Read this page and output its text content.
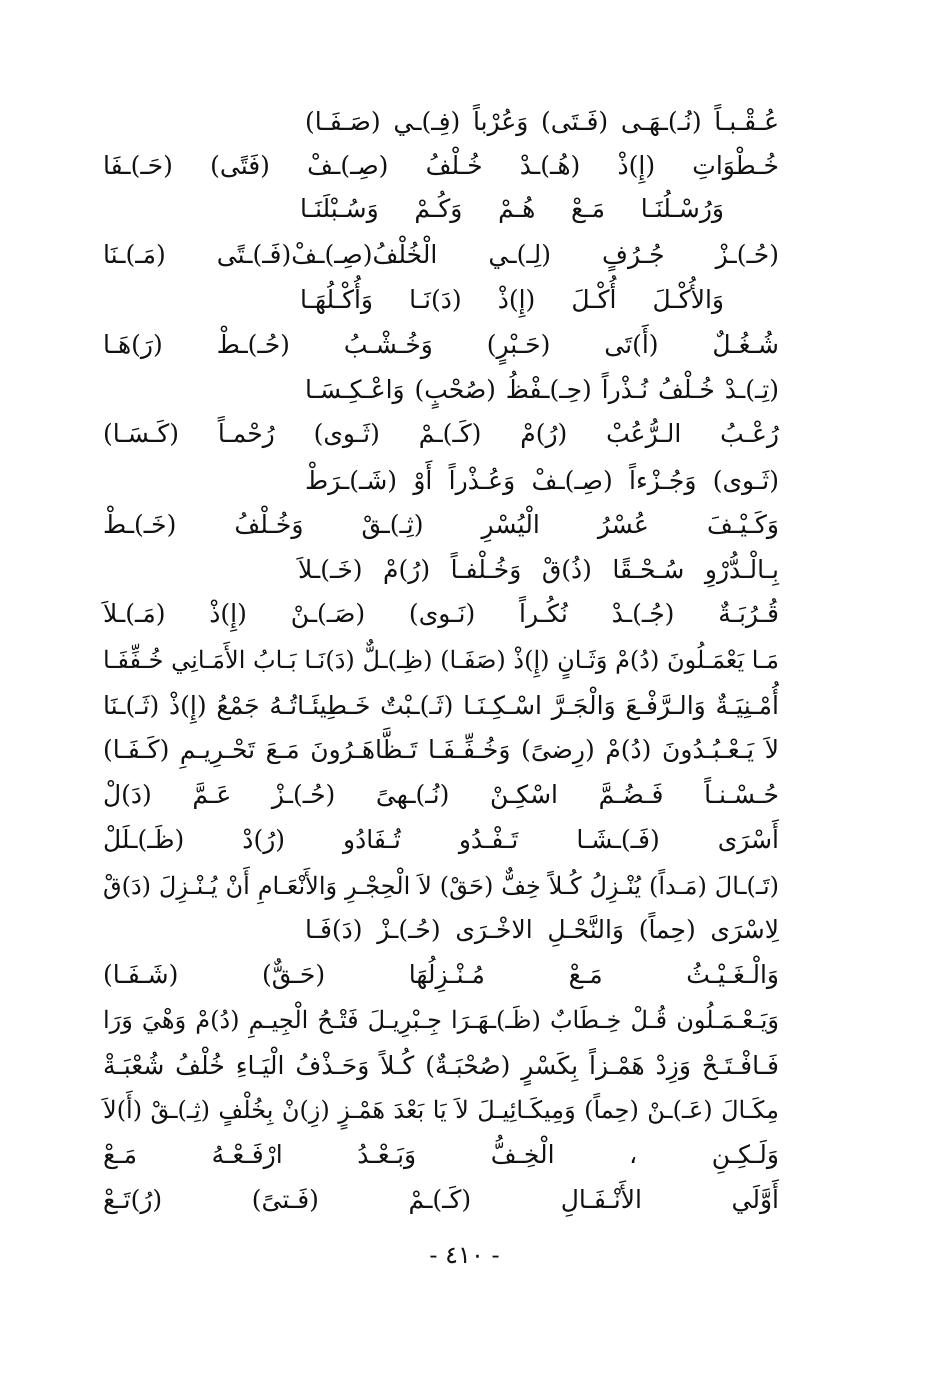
عُـقْـبـاً (نُـ)ـهَـى (فَـتَى) وَعُرْباً (فِـ)ـي (صَـفَـا)
خُـطْوَاتِ (إِ)ذْ (هُـ)ـدْ خُـلْفُ (صِـ)ـفْ (فَتًى) (حَـ)ـفَا
وَرُسْـلُنَـا مَـعْ هُـمْ وَكُـمْ وَسُـبْلَنَـا
(حُـ)ـزْ جُـرُفٍ (لِـ)ـي الْخُلْفُ(صِـ)ـفْ(فَـ)ـتًى (مَـ)ـنَا
وَالأُكْـلَ أُكْـلَ (إِ)ذْ (دَ)نَـا وَأُكْـلُهَـا
شُـغُـلٌ (أَ)تَى (حَـبْرٍ) وَخُـشْـبُ (حُـ)ـطْ (رَ)هَـا
(تِـ)ـدْ خُـلْفُ نُـذْراً (حِـ)ـفْظُ (صُحْبٍ) وَاعْـكِـسَـا
رُعْـبُ الـرُّعُبْ (رُ)مْ (كَـ)ـمْ (ثَـوى) رُحْمـاً (كَـسَـا)
(ثَـوى) وَجُـزْءاً (صِـ)ـفْ وَعُـذْراً أَوْ (شَـ)ـرَطْ
وَكَـيْـفَ عُسْرُ الْيُسْرِ (ثِـ)ـقْ وَخُـلْفُ (خَـ)ـطْ
بِـالْـدُّرْوِ سُـحْـقًا (ذُ)قْ وَخُـلْفـاً (رُ)مْ (خَـ)ـلاَ
قُـرُبَـةٌ (جُـ)ـدْ نُكُـراً (نَـوى) (صَـ)ـنْ (إِ)ذْ (مَـ)ـلاَ
مَـا يَعْمَـلُونَ (دُ)مْ وَثَـانٍ (إِ)ذْ (صَفَـا) (ظِـ)ـلٌّ (دَ)نَـا بَـابُ الأَمَـانِي خُـفِّفَـا
أُمْـنِيَـةٌ وَالـرَّفْـعَ وَالْجَـرَّ اسْـكِـنَـا (ثَـ)ـبْتٌ خَـطِيئَـاتُـهُ جَمْعُ (إِ)ذْ (ثَـ)ـنَا
لاَ يَـعْـبُـدُونَ (دُ)مْ (رِضىً) وَخُـفِّـفَـا تَـظَّاهَـرُونَ مَـعَ تَحْـرِيـمِ (كَـفَـا)
حُـسْـنـاً فَـضُـمَّ اسْكِـنْ (نُـ)ـهىً (حُـ)ـزْ عَـمَّ (دَ)لْ
أَسْرَى (فَـ)ـشَـا تَـفْـدُو تُـفَادُو (رُ)دْ (ظَـ)ـلَلْ
(تَـ)ـالَ (مَـداً) يُنْـزِلُ كُـلاً خِفٌّ (حَقْ) لاَ الْحِجْـرِ وَالأَنْعَـامِ أَنْ يُـنْـزِلَ (دَ)قْ
لِاسْرَى (حِماً) وَالنَّحْـلِ الاخْـرَى (حُـ)ـزْ (دَ)فَـا
وَالْـغَـيْـثُ مَـعْ مُـنْـزِلُهَا (حَـقٌّ) (شَـفَـا)
وَيَـعْـمَـلُون قُـلْ خِـطَابٌ (ظَـ)ـهَـرَا جِـبْرِيـلَ فَتْـحُ الْجِيـمِ (دُ)مْ وَهْيَ وَرَا
فَـافْـتَـحْ وَزِدْ هَمْـزاً بِكَسْرٍ (صُحْبَـةٌ) كُـلاً وَحَـذْفُ الْيَـاءِ خُلْفُ شُعْبَـةْ
مِكَـالَ (عَـ)ـنْ (حِماً) وَمِيكَـائِيـلَ لاَ يَا بَعْدَ هَمْـزٍ (زِ)نْ بِخُلْفٍ (ثِـ)ـقْ (أَ)لاَ
وَلَـكِـنِ ، الْخِـفُّ وَبَـعْـدُ ارْفَـعْـهُ مَـعْ
أَوَّلَي الأَنْـفَـالِ (كَـ)ـمْ (فَـتىً) (رُ)تَـعْ
- ٤١٠ -
